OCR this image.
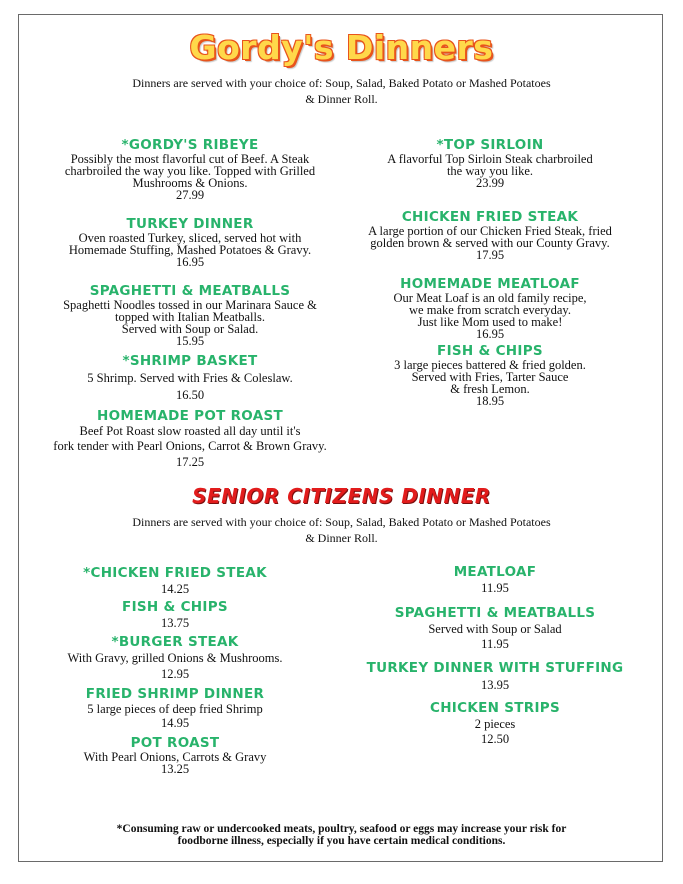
Gordy's Dinners
Dinners are served with your choice of: Soup, Salad, Baked Potato or Mashed Potatoes
& Dinner Roll.
*GORDY'S RIBEYE
Possibly the most flavorful cut of Beef. A Steak
charbroiled the way you like. Topped with Grilled
Mushrooms & Onions.
27.99
TURKEY DINNER
Oven roasted Turkey, sliced, served hot with
Homemade Stuffing, Mashed Potatoes & Gravy.
16.95
SPAGHETTI & MEATBALLS
Spaghetti Noodles tossed in our Marinara Sauce &
topped with Italian Meatballs.
Served with Soup or Salad.
15.95
*SHRIMP BASKET
5 Shrimp. Served with Fries & Coleslaw.
16.50
HOMEMADE POT ROAST
Beef Pot Roast slow roasted all day until it's
fork tender with Pearl Onions, Carrot & Brown Gravy.
17.25
*TOP SIRLOIN
A flavorful Top Sirloin Steak charbroiled
the way you like.
23.99
CHICKEN FRIED STEAK
A large portion of our Chicken Fried Steak, fried
golden brown & served with our County Gravy.
17.95
HOMEMADE MEATLOAF
Our Meat Loaf is an old family recipe,
we make from scratch everyday.
Just like Mom used to make!
16.95
FISH & CHIPS
3 large pieces battered & fried golden.
Served with Fries, Tarter Sauce
& fresh Lemon.
18.95
SENIOR CITIZENS DINNER
Dinners are served with your choice of: Soup, Salad, Baked Potato or Mashed Potatoes
& Dinner Roll.
*CHICKEN FRIED STEAK
14.25
FISH & CHIPS
13.75
*BURGER STEAK
With Gravy, grilled Onions & Mushrooms.
12.95
FRIED SHRIMP DINNER
5 large pieces of deep fried Shrimp
14.95
POT ROAST
With Pearl Onions, Carrots & Gravy
13.25
MEATLOAF
11.95
SPAGHETTI & MEATBALLS
Served with Soup or Salad
11.95
TURKEY DINNER WITH STUFFING
13.95
CHICKEN STRIPS
2 pieces
12.50
*Consuming raw or undercooked meats, poultry, seafood or eggs may increase your risk for
foodborne illness, especially if you have certain medical conditions.
